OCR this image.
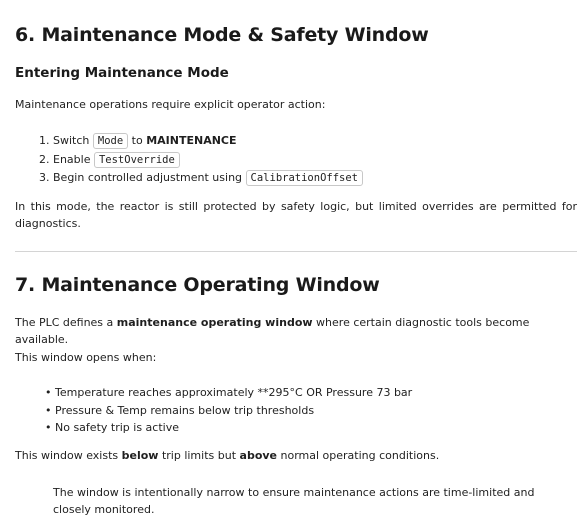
6. Maintenance Mode & Safety Window
Entering Maintenance Mode

Maintenance operations require explicit operator action:

1. Switch Mode to MAINTENANCE
2. Enable TestOverride
3. Begin controlled adjustment using CalibrationOffset

In this mode, the reactor is still protected by safety logic, but limited overrides are permitted for diagnostics.

7. Maintenance Operating Window

The PLC defines a maintenance operating window where certain diagnostic tools become available.

This window opens when:

• Temperature reaches approximately **295°C OR Pressure 73 bar
• Pressure & Temp remains below trip thresholds
• No safety trip is active

This window exists below trip limits but above normal operating conditions.

The window is intentionally narrow to ensure maintenance actions are time-limited and closely monitored.
